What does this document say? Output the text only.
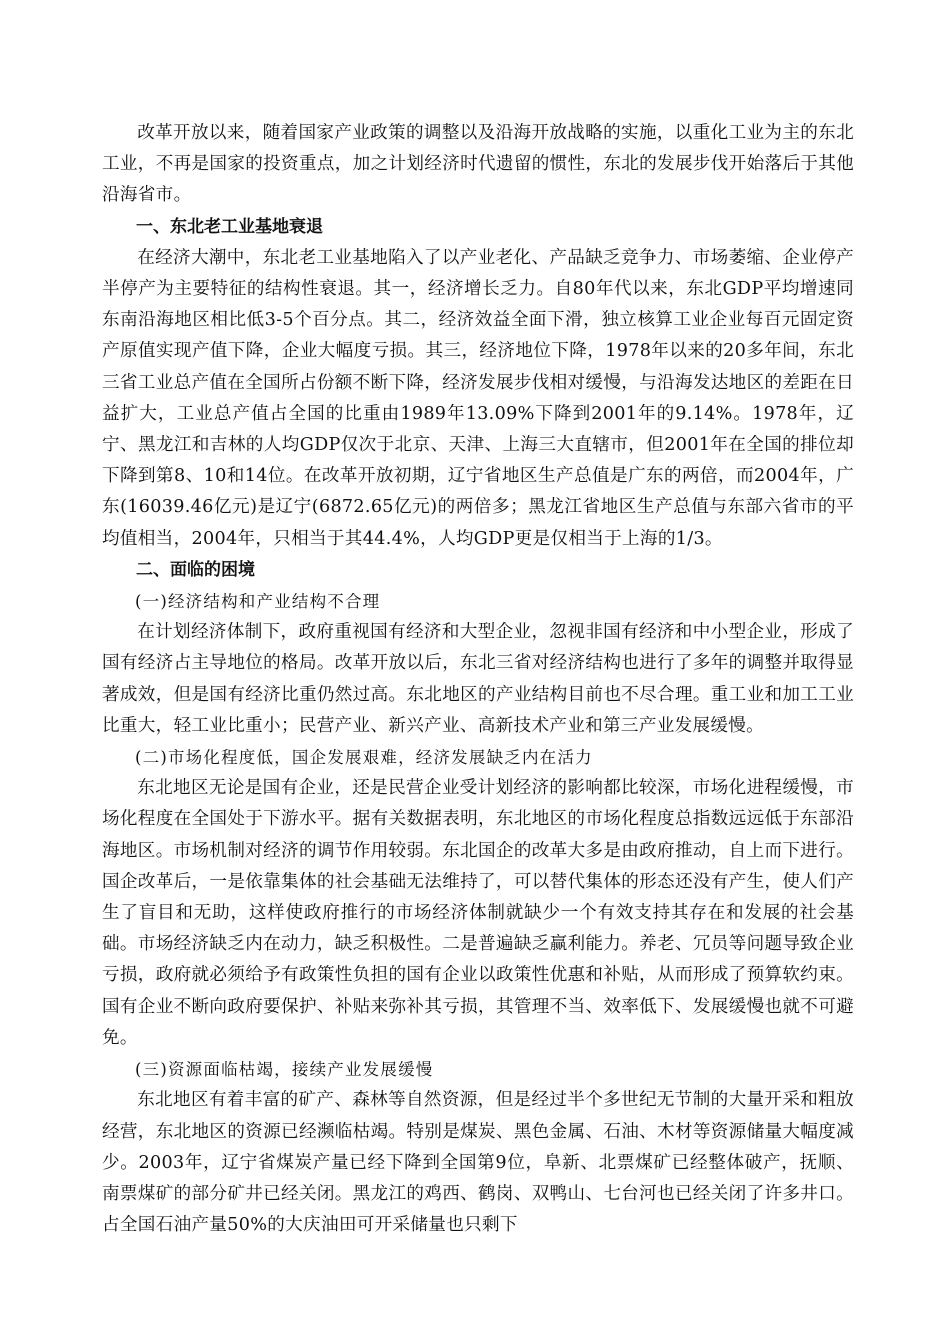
改革开放以来，随着国家产业政策的调整以及沿海开放战略的实施，以重化工业为主的东北工业，不再是国家的投资重点，加之计划经济时代遗留的惯性，东北的发展步伐开始落后于其他沿海省市。

一、东北老工业基地衰退

在经济大潮中，东北老工业基地陷入了以产业老化、产品缺乏竞争力、市场萎缩、企业停产半停产为主要特征的结构性衰退。其一，经济增长乏力。自80年代以来，东北GDP平均增速同东南沿海地区相比低3-5个百分点。其二，经济效益全面下滑，独立核算工业企业每百元固定资产原值实现产值下降，企业大幅度亏损。其三，经济地位下降，1978年以来的20多年间，东北三省工业总产值在全国所占份额不断下降，经济发展步伐相对缓慢，与沿海发达地区的差距在日益扩大，工业总产值占全国的比重由1989年13.09%下降到2001年的9.14%。1978年，辽宁、黑龙江和吉林的人均GDP仅次于北京、天津、上海三大直辖市，但2001年在全国的排位却下降到第8、10和14位。在改革开放初期，辽宁省地区生产总值是广东的两倍，而2004年，广东(16039.46亿元)是辽宁(6872.65亿元)的两倍多；黑龙江省地区生产总值与东部六省市的平均值相当，2004年，只相当于其44.4%，人均GDP更是仅相当于上海的1/3。

二、面临的困境

(一)经济结构和产业结构不合理

在计划经济体制下，政府重视国有经济和大型企业，忽视非国有经济和中小型企业，形成了国有经济占主导地位的格局。改革开放以后，东北三省对经济结构也进行了多年的调整并取得显著成效，但是国有经济比重仍然过高。东北地区的产业结构目前也不尽合理。重工业和加工工业比重大，轻工业比重小；民营产业、新兴产业、高新技术产业和第三产业发展缓慢。

(二)市场化程度低，国企发展艰难，经济发展缺乏内在活力

东北地区无论是国有企业，还是民营企业受计划经济的影响都比较深，市场化进程缓慢，市场化程度在全国处于下游水平。据有关数据表明，东北地区的市场化程度总指数远远低于东部沿海地区。市场机制对经济的调节作用较弱。东北国企的改革大多是由政府推动，自上而下进行。国企改革后，一是依靠集体的社会基础无法维持了，可以替代集体的形态还没有产生，使人们产生了盲目和无助，这样使政府推行的市场经济体制就缺少一个有效支持其存在和发展的社会基础。市场经济缺乏内在动力，缺乏积极性。二是普遍缺乏赢利能力。养老、冗员等问题导致企业亏损，政府就必须给予有政策性负担的国有企业以政策性优惠和补贴，从而形成了预算软约束。国有企业不断向政府要保护、补贴来弥补其亏损，其管理不当、效率低下、发展缓慢也就不可避免。

(三)资源面临枯竭，接续产业发展缓慢

东北地区有着丰富的矿产、森林等自然资源，但是经过半个多世纪无节制的大量开采和粗放经营，东北地区的资源已经濒临枯竭。特别是煤炭、黑色金属、石油、木材等资源储量大幅度减少。2003年，辽宁省煤炭产量已经下降到全国第9位，阜新、北票煤矿已经整体破产，抚顺、南票煤矿的部分矿井已经关闭。黑龙江的鸡西、鹤岗、双鸭山、七台河也已经关闭了许多井口。占全国石油产量50%的大庆油田可开采储量也只剩下
